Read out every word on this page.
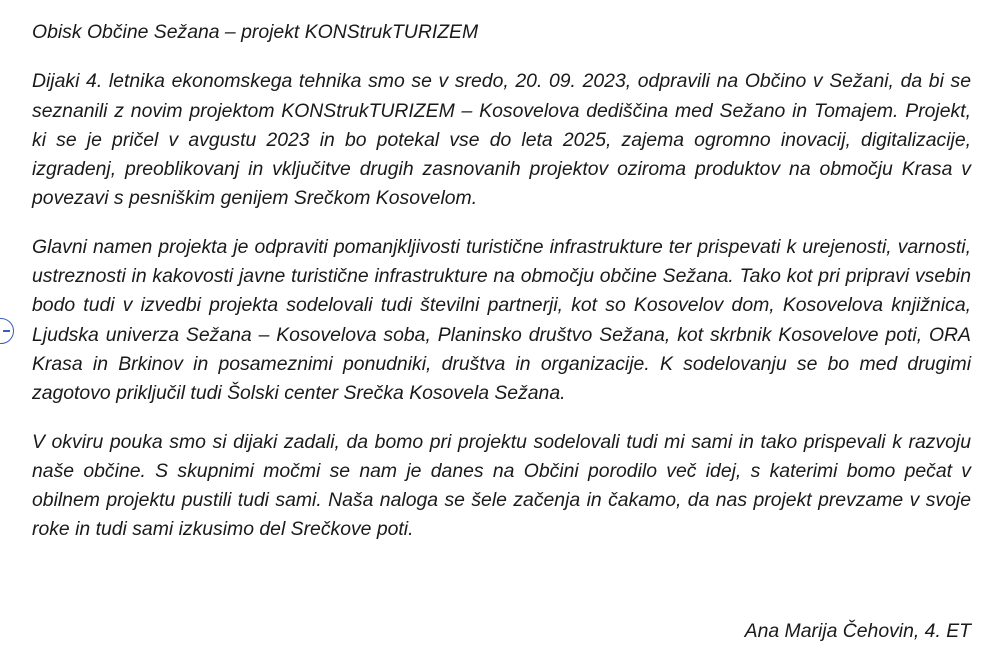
Obisk Občine Sežana – projekt KONStrukTURIZEM

Dijaki 4. letnika ekonomskega tehnika smo se v sredo, 20. 09. 2023, odpravili na Občino v Sežani, da bi se seznanili z novim projektom KONStrukTURIZEM – Kosovelova dediščina med Sežano in Tomajem. Projekt, ki se je pričel v avgustu 2023 in bo potekal vse do leta 2025, zajema ogromno inovacij, digitalizacije, izgradenj, preoblikovanj in vključitve drugih zasnovanih projektov oziroma produktov na območju Krasa v povezavi s pesniškim genijem Srečkom Kosovelom.

Glavni namen projekta je odpraviti pomanjkljivosti turistične infrastrukture ter prispevati k urejenosti, varnosti, ustreznosti in kakovosti javne turistične infrastrukture na območju občine Sežana. Tako kot pri pripravi vsebin bodo tudi v izvedbi projekta sodelovali tudi številni partnerji, kot so Kosovelov dom, Kosovelova knjižnica, Ljudska univerza Sežana – Kosovelova soba, Planinsko društvo Sežana, kot skrbnik Kosovelove poti, ORA Krasa in Brkinov in posameznimi ponudniki, društva in organizacije. K sodelovanju se bo med drugimi zagotovo priključil tudi Šolski center Srečka Kosovela Sežana.

V okviru pouka smo si dijaki zadali, da bomo pri projektu sodelovali tudi mi sami in tako prispevali k razvoju naše občine. S skupnimi močmi se nam je danes na Občini porodilo več idej, s katerimi bomo pečat v obilnem projektu pustili tudi sami. Naša naloga se šele začenja in čakamo, da nas projekt prevzame v svoje roke in tudi sami izkusimo del Srečkove poti.

Ana Marija Čehovin, 4. ET
